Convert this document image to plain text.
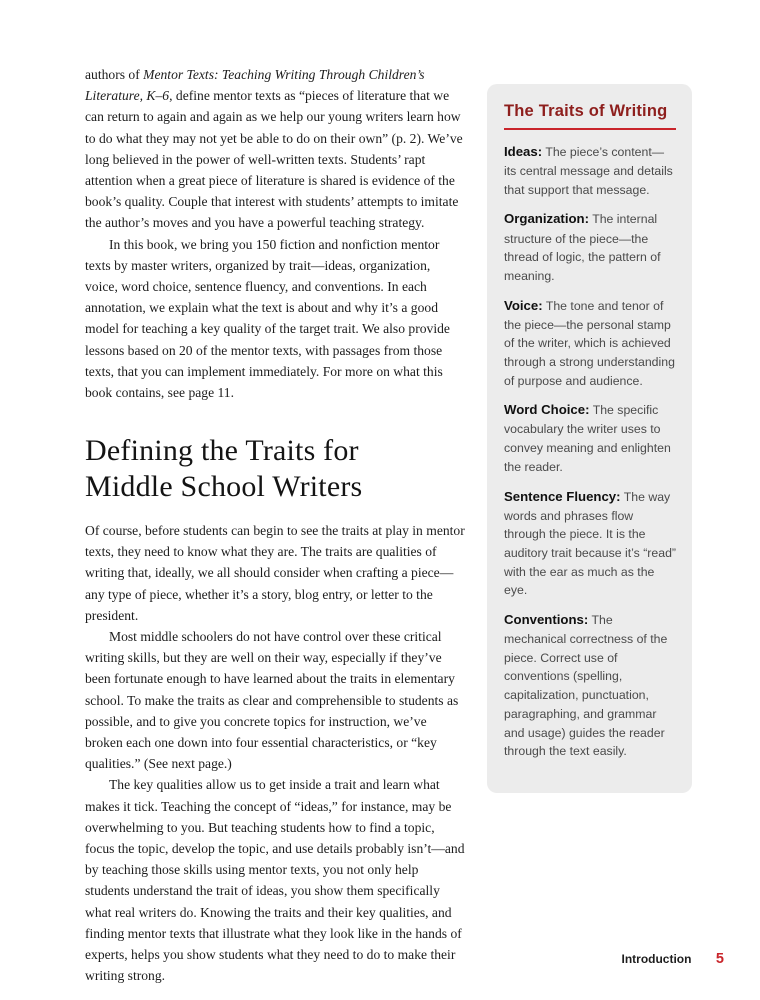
authors of Mentor Texts: Teaching Writing Through Children’s Literature, K–6, define mentor texts as “pieces of literature that we can return to again and again as we help our young writers learn how to do what they may not yet be able to do on their own” (p. 2). We’ve long believed in the power of well-written texts. Students’ rapt attention when a great piece of literature is shared is evidence of the book’s quality. Couple that interest with students’ attempts to imitate the author’s moves and you have a powerful teaching strategy.

In this book, we bring you 150 fiction and nonfiction mentor texts by master writers, organized by trait—ideas, organization, voice, word choice, sentence fluency, and conventions. In each annotation, we explain what the text is about and why it’s a good model for teaching a key quality of the target trait. We also provide lessons based on 20 of the mentor texts, with passages from those texts, that you can implement immediately. For more on what this book contains, see page 11.

Defining the Traits for
Middle School Writers

Of course, before students can begin to see the traits at play in mentor texts, they need to know what they are. The traits are qualities of writing that, ideally, we all should consider when crafting a piece—any type of piece, whether it’s a story, blog entry, or letter to the president.

Most middle schoolers do not have control over these critical writing skills, but they are well on their way, especially if they’ve been fortunate enough to have learned about the traits in elementary school. To make the traits as clear and comprehensible to students as possible, and to give you concrete topics for instruction, we’ve broken each one down into four essential characteristics, or “key qualities.” (See next page.)

The key qualities allow us to get inside a trait and learn what makes it tick. Teaching the concept of “ideas,” for instance, may be overwhelming to you. But teaching students how to find a topic, focus the topic, develop the topic, and use details probably isn’t—and by teaching those skills using mentor texts, you not only help students understand the trait of ideas, you show them specifically what real writers do. Knowing the traits and their key qualities, and finding mentor texts that illustrate what they look like in the hands of experts, helps you show students what they need to do to make their writing strong.

The Traits of Writing

Ideas: The piece’s content—its central message and details that support that message.

Organization: The internal structure of the piece—the thread of logic, the pattern of meaning.

Voice: The tone and tenor of the piece—the personal stamp of the writer, which is achieved through a strong understanding of purpose and audience.

Word Choice: The specific vocabulary the writer uses to convey meaning and enlighten the reader.

Sentence Fluency: The way words and phrases flow through the piece. It is the auditory trait because it’s “read” with the ear as much as the eye.

Conventions: The mechanical correctness of the piece. Correct use of conventions (spelling, capitalization, punctuation, paragraphing, and grammar and usage) guides the reader through the text easily.

Introduction 5
